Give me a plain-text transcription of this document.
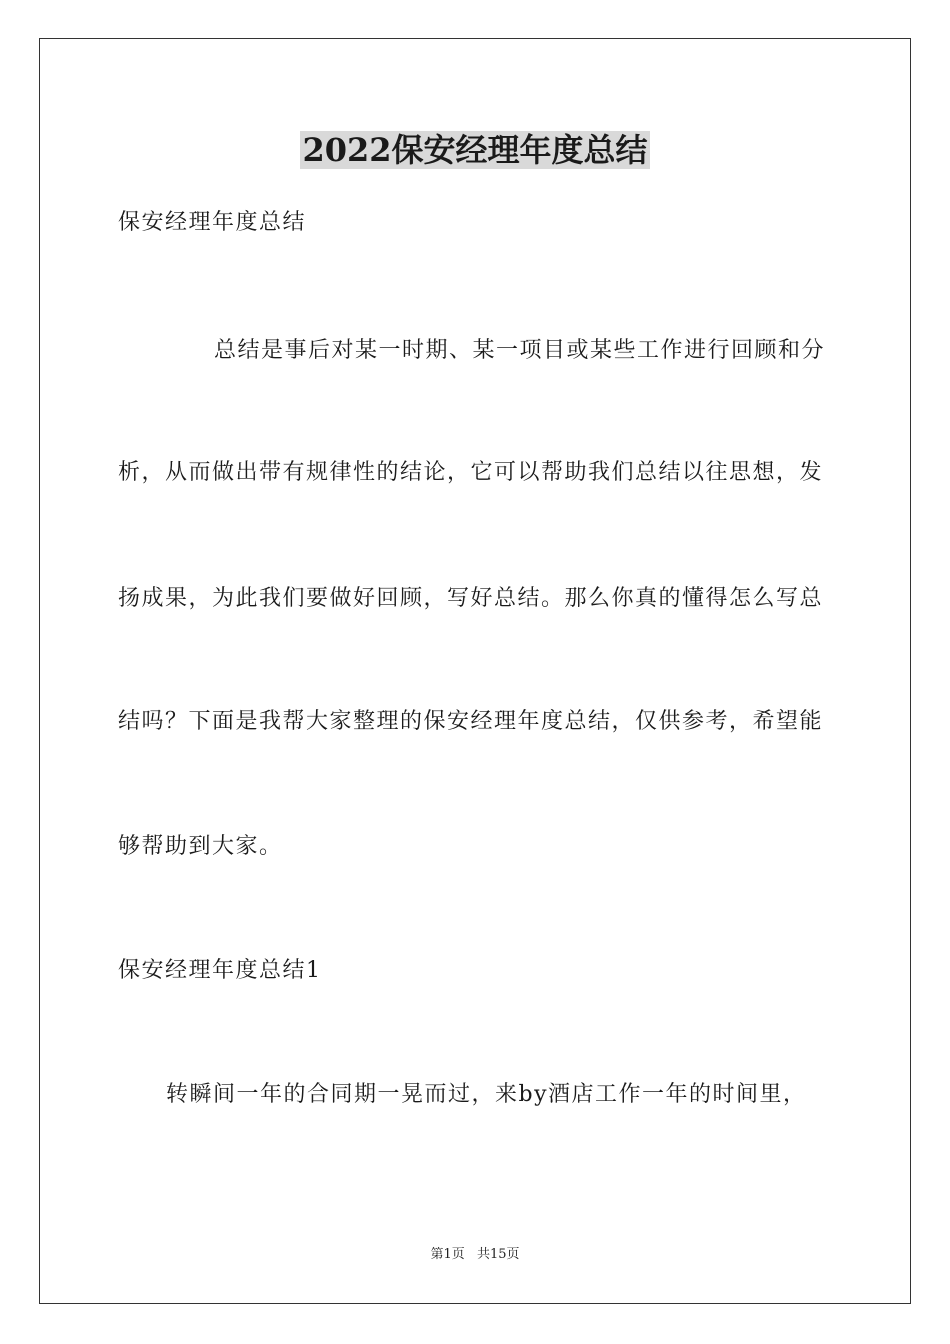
2022保安经理年度总结

保安经理年度总结

总结是事后对某一时期、某一项目或某些工作进行回顾和分

析，从而做出带有规律性的结论，它可以帮助我们总结以往思想，发

扬成果，为此我们要做好回顾，写好总结。那么你真的懂得怎么写总

结吗？下面是我帮大家整理的保安经理年度总结，仅供参考，希望能

够帮助到大家。

保安经理年度总结1

转瞬间一年的合同期一晃而过，来by酒店工作一年的时间里，

第1页 共15页
